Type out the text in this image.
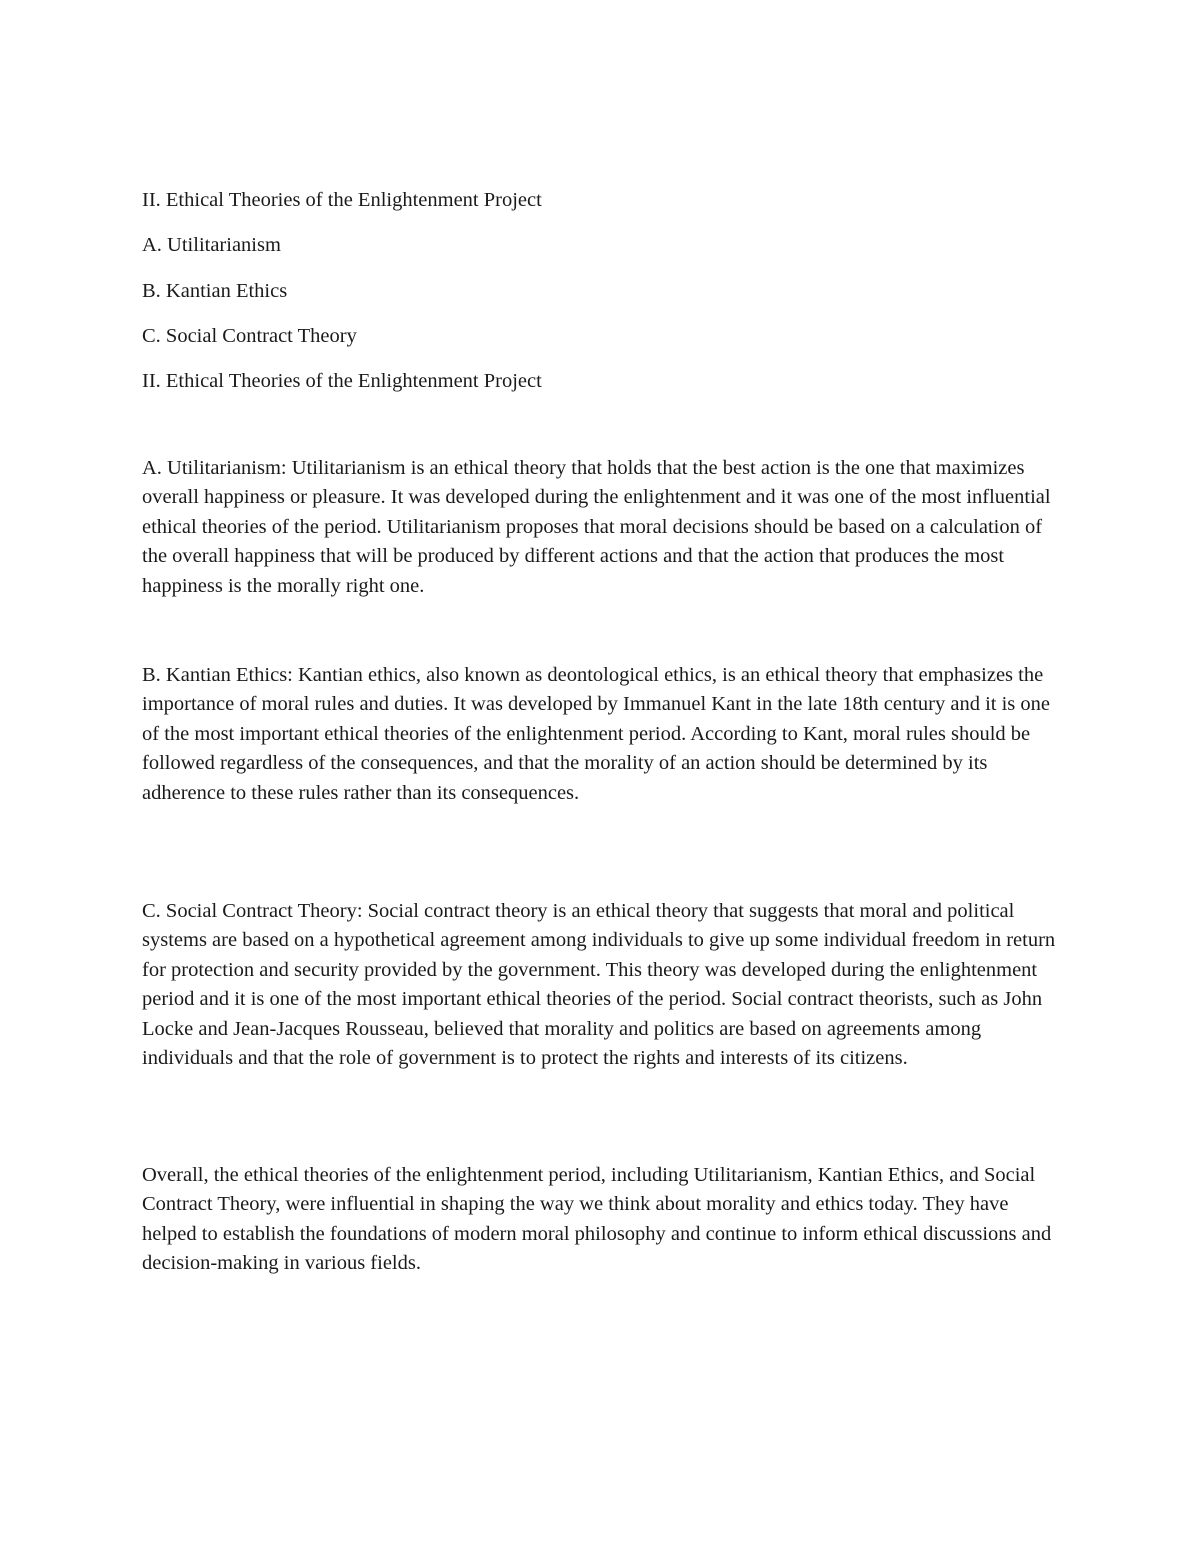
II. Ethical Theories of the Enlightenment Project
A. Utilitarianism
B. Kantian Ethics
C. Social Contract Theory
II. Ethical Theories of the Enlightenment Project

A. Utilitarianism: Utilitarianism is an ethical theory that holds that the best action is the one that maximizes overall happiness or pleasure. It was developed during the enlightenment and it was one of the most influential ethical theories of the period. Utilitarianism proposes that moral decisions should be based on a calculation of the overall happiness that will be produced by different actions and that the action that produces the most happiness is the morally right one.

B. Kantian Ethics: Kantian ethics, also known as deontological ethics, is an ethical theory that emphasizes the importance of moral rules and duties. It was developed by Immanuel Kant in the late 18th century and it is one of the most important ethical theories of the enlightenment period. According to Kant, moral rules should be followed regardless of the consequences, and that the morality of an action should be determined by its adherence to these rules rather than its consequences.

C. Social Contract Theory: Social contract theory is an ethical theory that suggests that moral and political systems are based on a hypothetical agreement among individuals to give up some individual freedom in return for protection and security provided by the government. This theory was developed during the enlightenment period and it is one of the most important ethical theories of the period. Social contract theorists, such as John Locke and Jean-Jacques Rousseau, believed that morality and politics are based on agreements among individuals and that the role of government is to protect the rights and interests of its citizens.

Overall, the ethical theories of the enlightenment period, including Utilitarianism, Kantian Ethics, and Social Contract Theory, were influential in shaping the way we think about morality and ethics today. They have helped to establish the foundations of modern moral philosophy and continue to inform ethical discussions and decision-making in various fields.
